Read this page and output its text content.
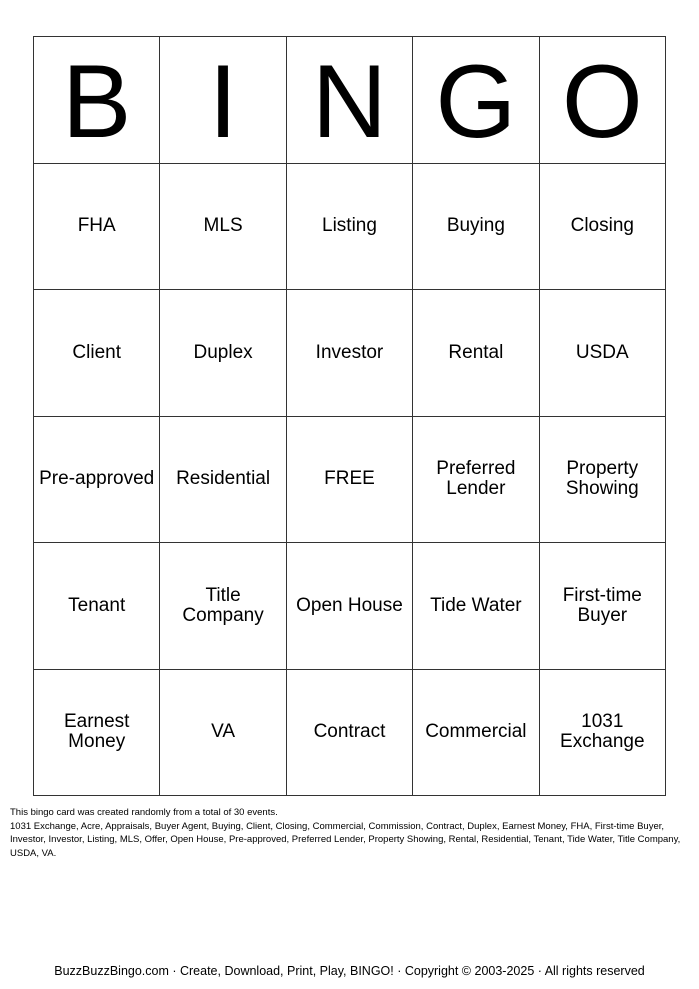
B	I	N	G	O
FHA	MLS	Listing	Buying	Closing
Client	Duplex	Investor	Rental	USDA
Pre-approved	Residential	FREE	Preferred Lender	Property Showing
Tenant	Title Company	Open House	Tide Water	First-time Buyer
Earnest Money	VA	Contract	Commercial	1031 Exchange

This bingo card was created randomly from a total of 30 events.

1031 Exchange, Acre, Appraisals, Buyer Agent, Buying, Client, Closing, Commercial, Commission, Contract, Duplex, Earnest Money, FHA, First-time Buyer, Investor, Investor, Listing, MLS, Offer, Open House, Pre-approved, Preferred Lender, Property Showing, Rental, Residential, Tenant, Tide Water, Title Company, USDA, VA.

BuzzBuzzBingo.com · Create, Download, Print, Play, BINGO! · Copyright © 2003-2025 · All rights reserved
